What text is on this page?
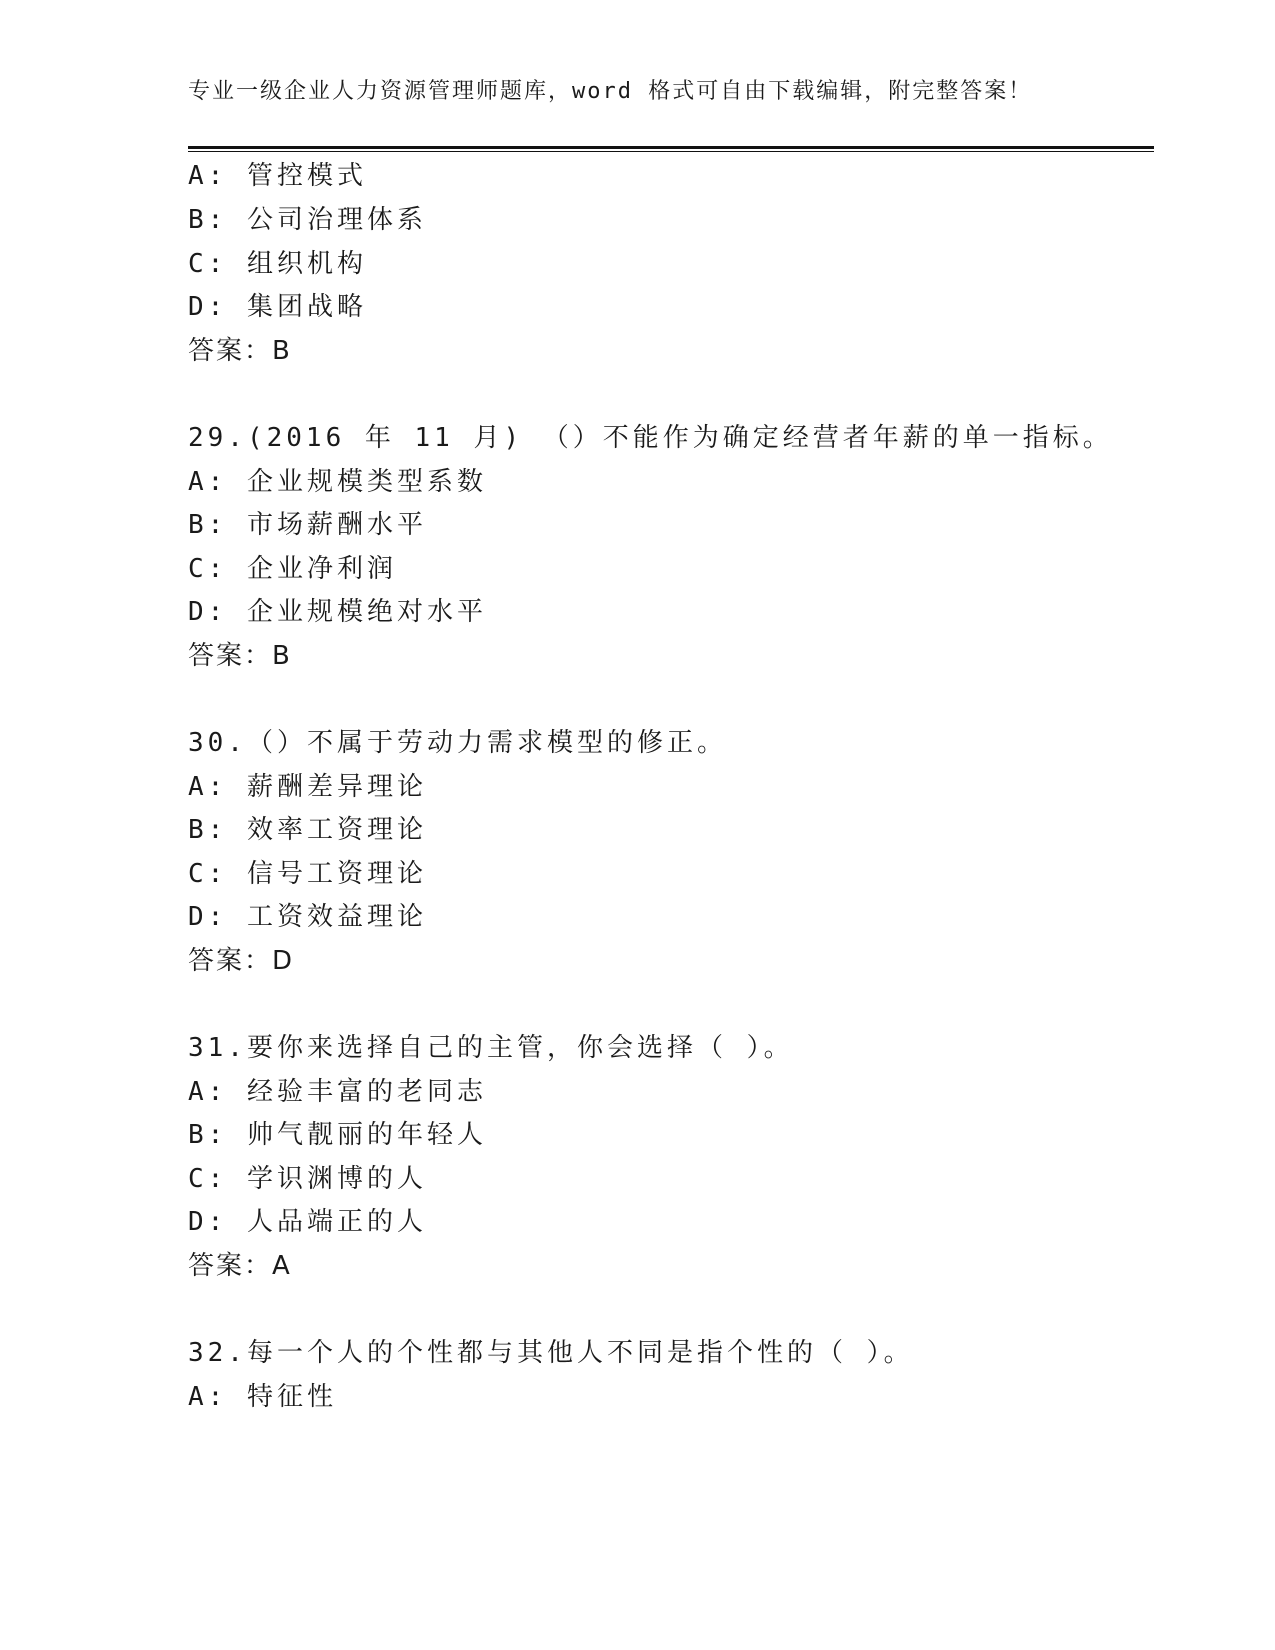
专业一级企业人力资源管理师题库，word 格式可自由下载编辑，附完整答案！
A: 管控模式
B: 公司治理体系
C: 组织机构
D: 集团战略
答案：B
29.(2016 年 11 月) （）不能作为确定经营者年薪的单一指标。
A: 企业规模类型系数
B: 市场薪酬水平
C: 企业净利润
D: 企业规模绝对水平
答案：B
30.（）不属于劳动力需求模型的修正。
A: 薪酬差异理论
B: 效率工资理论
C: 信号工资理论
D: 工资效益理论
答案：D
31.要你来选择自己的主管，你会选择（ ）。
A: 经验丰富的老同志
B: 帅气靓丽的年轻人
C: 学识渊博的人
D: 人品端正的人
答案：A
32.每一个人的个性都与其他人不同是指个性的（ ）。
A: 特征性
